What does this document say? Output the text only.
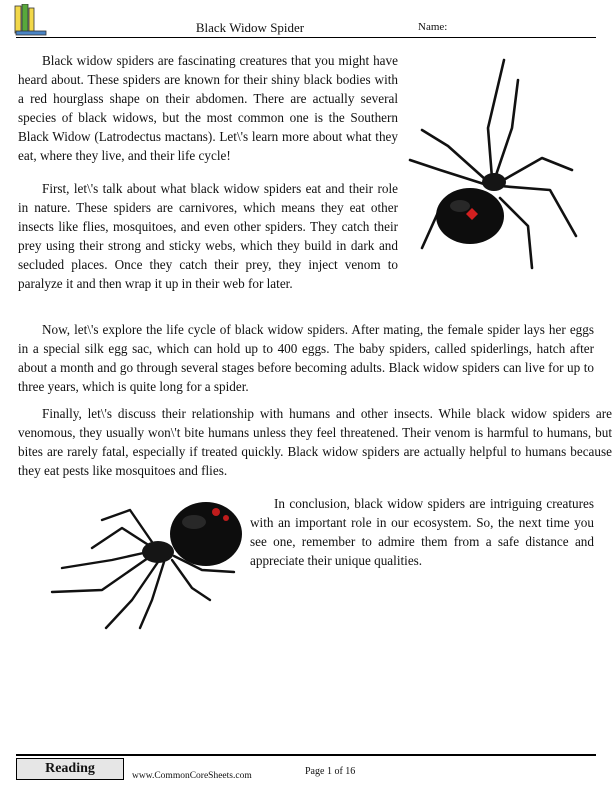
Black Widow Spider	Name:

Black widow spiders are fascinating creatures that you might have heard about. These spiders are known for their shiny black bodies with a red hourglass shape on their abdomen. There are actually several species of black widows, but the most common one is the Southern Black Widow (Latrodectus mactans). Let\'s learn more about what they eat, where they live, and their life cycle!

First, let\'s talk about what black widow spiders eat and their role in nature. These spiders are carnivores, which means they eat other insects like flies, mosquitoes, and even other spiders. They catch their prey using their strong and sticky webs, which they build in dark and secluded places. Once they catch their prey, they inject venom to paralyze it and then wrap it up in their web for later.

Now, let\'s explore the life cycle of black widow spiders. After mating, the female spider lays her eggs in a special silk egg sac, which can hold up to 400 eggs. The baby spiders, called spiderlings, hatch after about a month and go through several stages before becoming adults. Black widow spiders can live for up to three years, which is quite long for a spider.

Finally, let\'s discuss their relationship with humans and other insects. While black widow spiders are venomous, they usually won\'t bite humans unless they feel threatened. Their venom is harmful to humans, but bites are rarely fatal, especially if treated quickly. Black widow spiders are actually helpful to humans because they eat pests like mosquitoes and flies.

In conclusion, black widow spiders are intriguing creatures with an important role in our ecosystem. So, the next time you see one, remember to admire them from a safe distance and appreciate their unique qualities.

Reading	www.CommonCoreSheets.com	Page 1 of 16
